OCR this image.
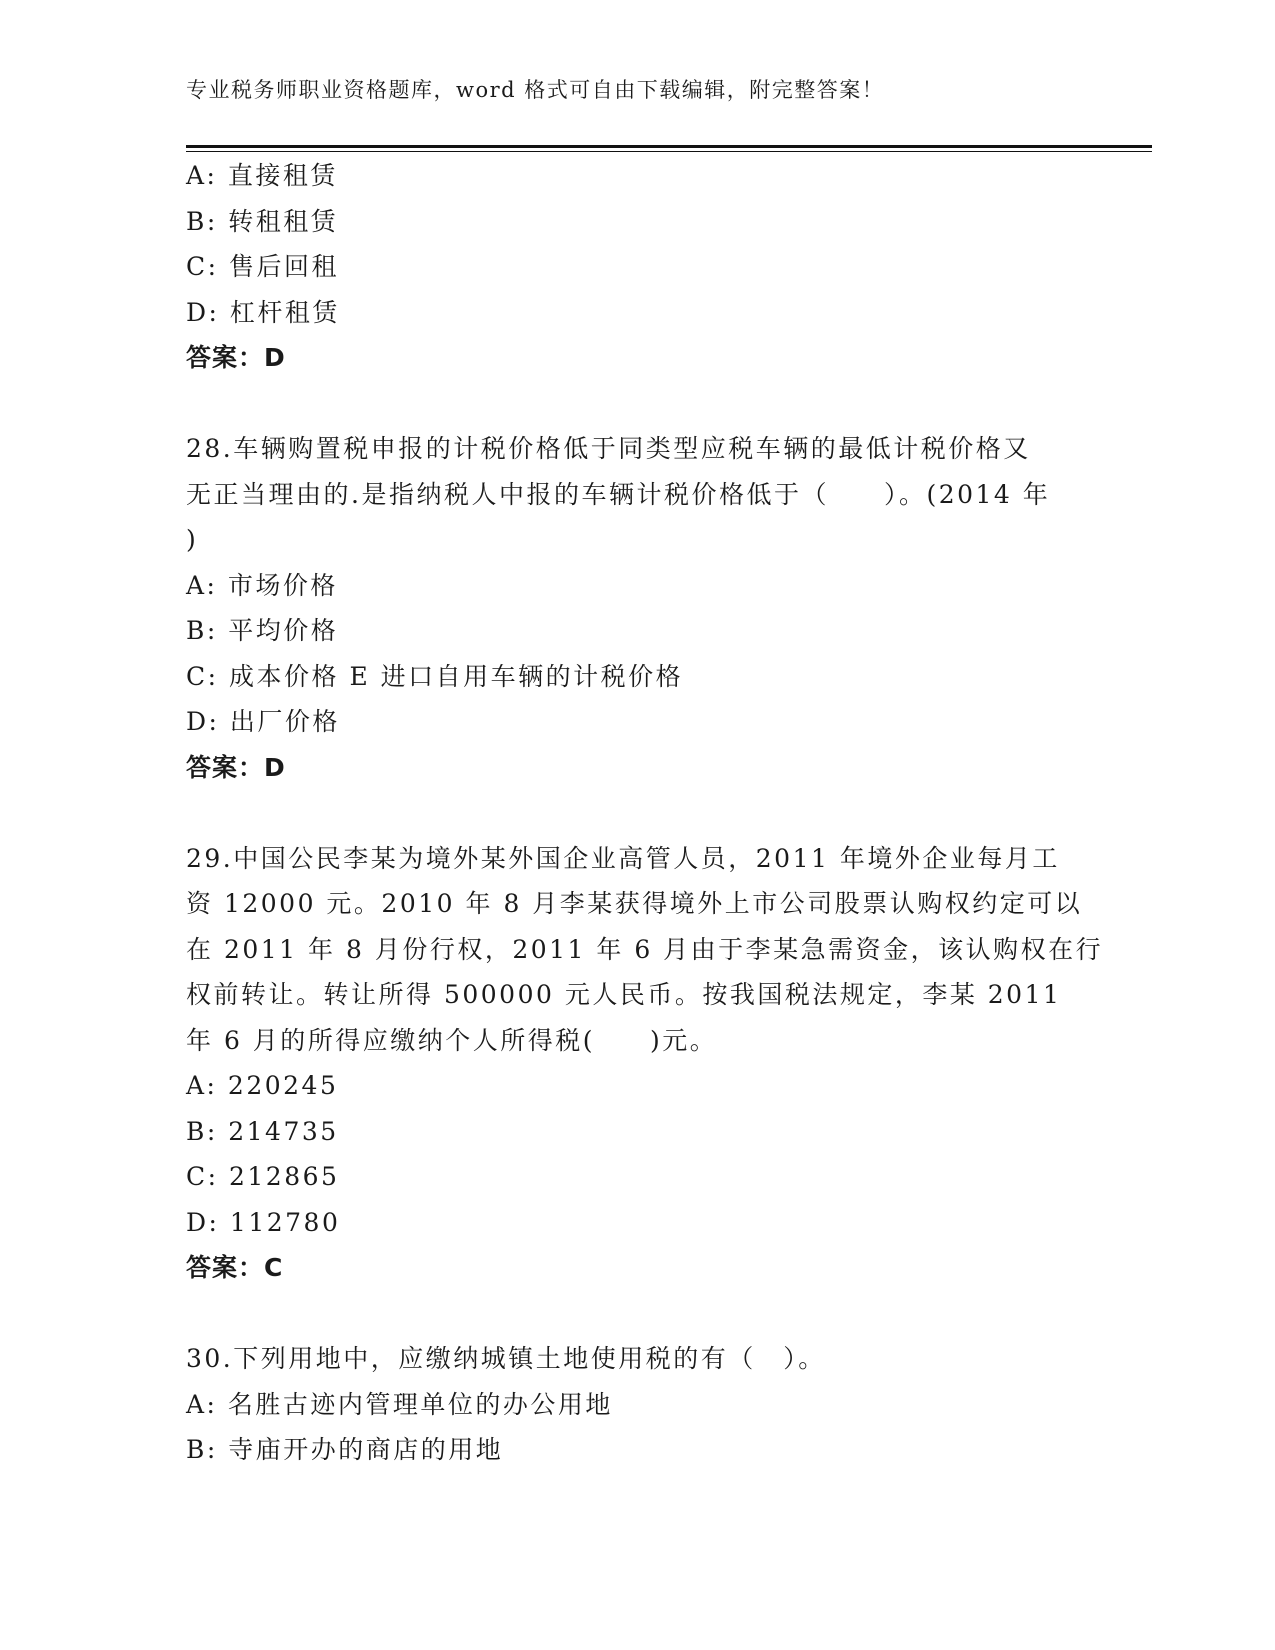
专业税务师职业资格题库，word 格式可自由下载编辑，附完整答案！
A: 直接租赁
B: 转租租赁
C: 售后回租
D: 杠杆租赁
答案：D
28.车辆购置税申报的计税价格低于同类型应税车辆的最低计税价格又
无正当理由的.是指纳税人中报的车辆计税价格低于（　　）。(2014 年
)
A: 市场价格
B: 平均价格
C: 成本价格 E 进口自用车辆的计税价格
D: 出厂价格
答案：D
29.中国公民李某为境外某外国企业高管人员，2011 年境外企业每月工
资 12000 元。2010 年 8 月李某获得境外上市公司股票认购权约定可以
在 2011 年 8 月份行权，2011 年 6 月由于李某急需资金，该认购权在行
权前转让。转让所得 500000 元人民币。按我国税法规定，李某 2011
年 6 月的所得应缴纳个人所得税(　　)元。
A: 220245
B: 214735
C: 212865
D: 112780
答案：C
30.下列用地中，应缴纳城镇土地使用税的有（　）。
A: 名胜古迹内管理单位的办公用地
B: 寺庙开办的商店的用地
